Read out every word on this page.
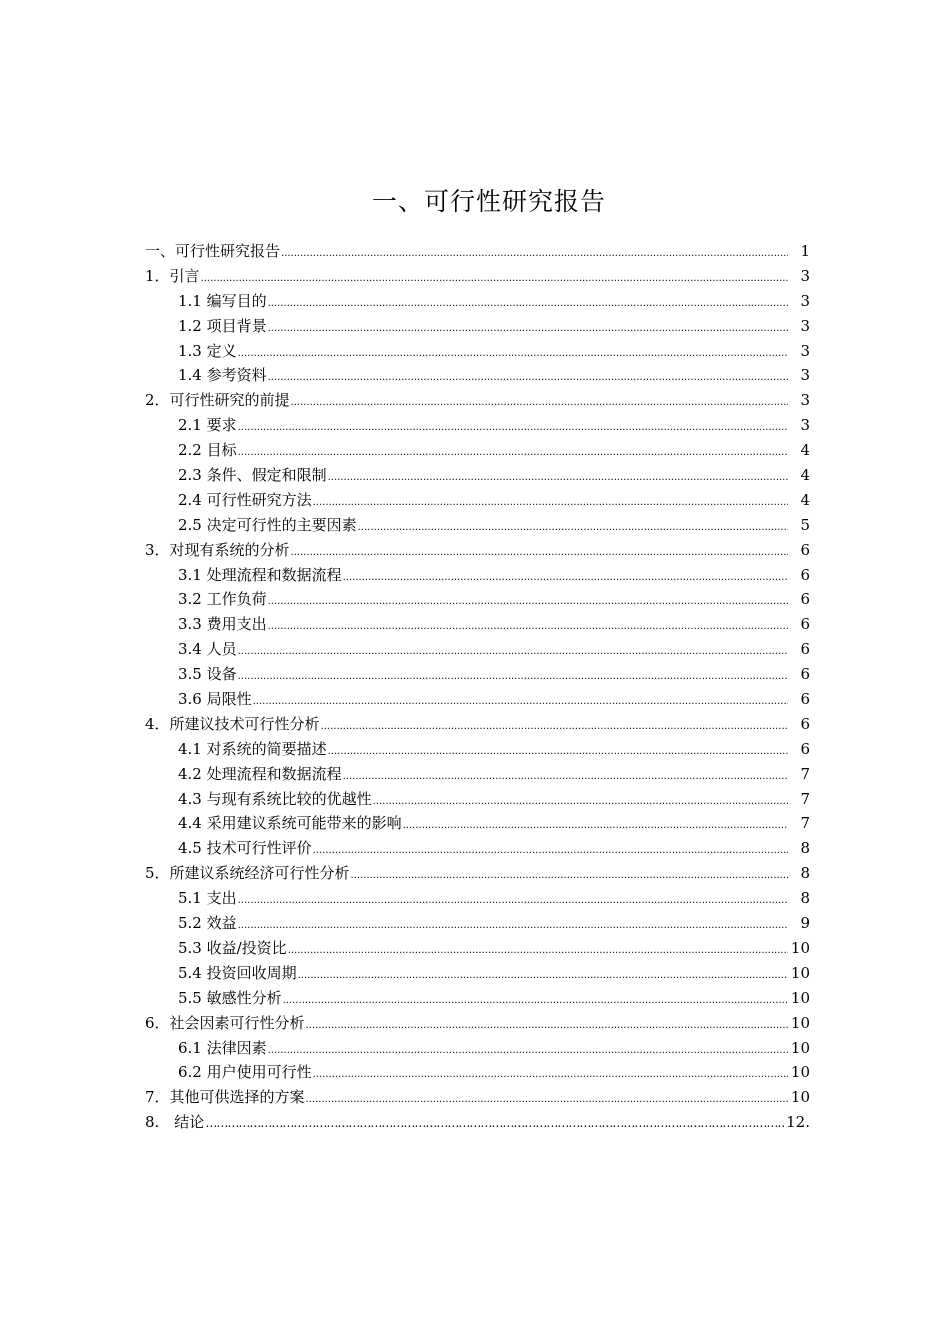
一、可行性研究报告
一、可行性研究报告 .....	1
1．引言 .....	3
1.1 编写目的 .....	3
1.2 项目背景 .....	3
1.3 定义 .....	3
1.4 参考资料 .....	3
2．可行性研究的前提 .....	3
2.1 要求 .....	3
2.2 目标 .....	4
2.3 条件、假定和限制 .....	4
2.4 可行性研究方法 .....	4
2.5 决定可行性的主要因素 .....	5
3．对现有系统的分析 .....	6
3.1 处理流程和数据流程 .....	6
3.2 工作负荷 .....	6
3.3 费用支出 .....	6
3.4 人员 .....	6
3.5 设备 .....	6
3.6 局限性 .....	6
4．所建议技术可行性分析 .....	6
4.1 对系统的简要描述 .....	6
4.2 处理流程和数据流程 .....	7
4.3 与现有系统比较的优越性 .....	7
4.4 采用建议系统可能带来的影响 .....	7
4.5 技术可行性评价 .....	8
5．所建议系统经济可行性分析 .....	8
5.1 支出 .....	8
5.2 效益 .....	9
5.3 收益/投资比 .....	10
5.4 投资回收周期 .....	10
5.5 敏感性分析 .....	10
6．社会因素可行性分析 .....	10
6.1 法律因素 .....	10
6.2 用户使用可行性 .....	10
7．其他可供选择的方案 .....	10
8.　结论 …………………………………………………………………………………………………………………………………………………………	12.
